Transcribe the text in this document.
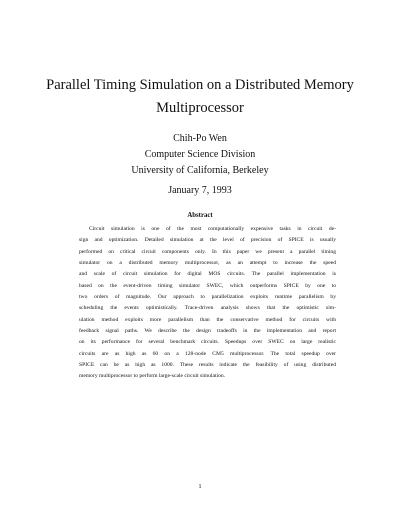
Parallel Timing Simulation on a Distributed Memory
Multiprocessor
Chih-Po Wen
Computer Science Division
University of California, Berkeley
January 7, 1993
Abstract
Circuit simulation is one of the most computationally expensive tasks in circuit de-
sign and optimization. Detailed simulation at the level of precision of SPICE is usually
performed on critical circuit components only. In this paper we present a parallel timing
simulator on a distributed memory multiprocessor, as an attempt to increase the speed
and scale of circuit simulation for digital MOS circuits. The parallel implementation is
based on the event-driven timing simulator SWEC, which outperforms SPICE by one to
two orders of magnitude. Our approach to parallelization exploits runtime parallelism by
scheduling the events optimistically. Trace-driven analysis shows that the optimistic sim-
ulation method exploits more parallelism than the conservative method for circuits with
feedback signal paths. We describe the design tradeoffs in the implementation and report
on its performance for several benchmark circuits. Speedups over SWEC on large realistic
circuits are as high as 60 on a 128-node CM5 multiprocessor. The total speedup over
SPICE can be as high as 1000. These results indicate the feasibility of using distributed
memory multiprocessor to perform large-scale circuit simulation.
1
